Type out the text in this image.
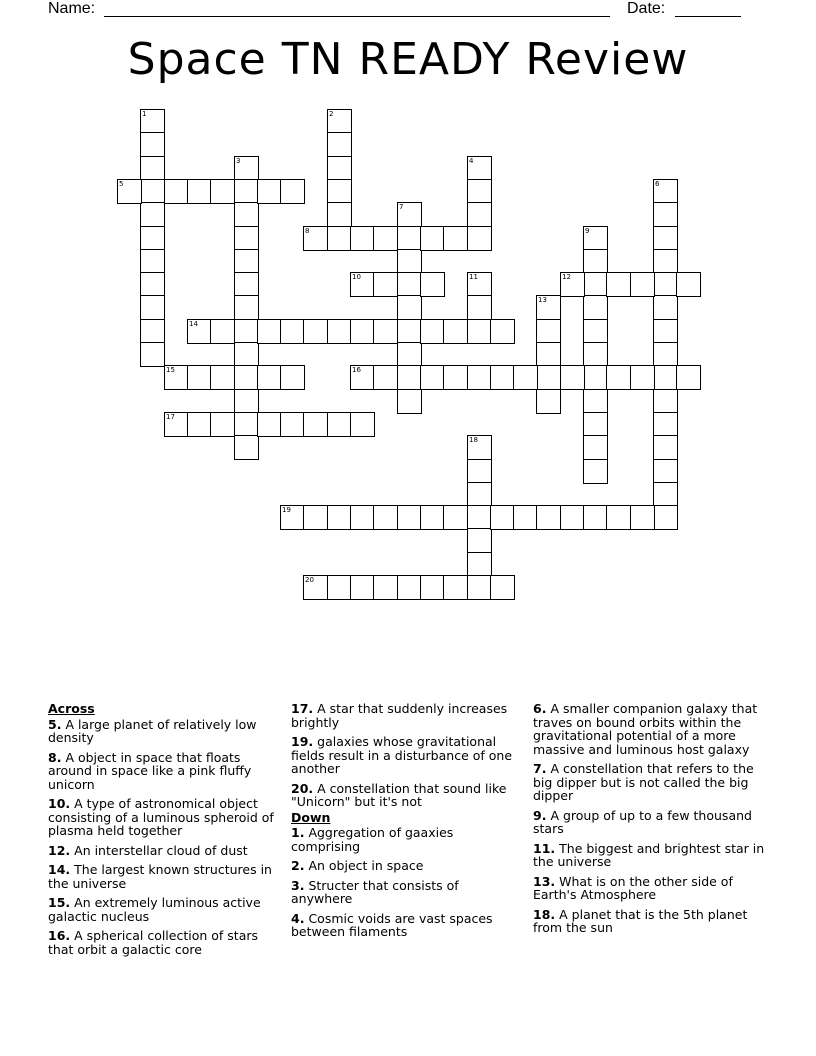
Name:	Date:
Space TN READY Review
1	2
3	4
5	6
7
8	9
10	11	12
13
14
15	16
17
18
19
20
Across
5. A large planet of relatively low density
8. A object in space that floats around in space like a pink fluffy unicorn
10. A type of astronomical object consisting of a luminous spheroid of plasma held together
12. An interstellar cloud of dust
14. The largest known structures in the universe
15. An extremely luminous active galactic nucleus
16. A spherical collection of stars that orbit a galactic core
17. A star that suddenly increases brightly
19. galaxies whose gravitational fields result in a disturbance of one another
20. A constellation that sound like "Unicorn" but it's not
Down
1. Aggregation of gaaxies comprising
2. An object in space
3. Structer that consists of anywhere
4. Cosmic voids are vast spaces between filaments
6. A smaller companion galaxy that traves on bound orbits within the gravitational potential of a more massive and luminous host galaxy
7. A constellation that refers to the big dipper but is not called the big dipper
9. A group of up to a few thousand stars
11. The biggest and brightest star in the universe
13. What is on the other side of Earth's Atmosphere
18. A planet that is the 5th planet from the sun
